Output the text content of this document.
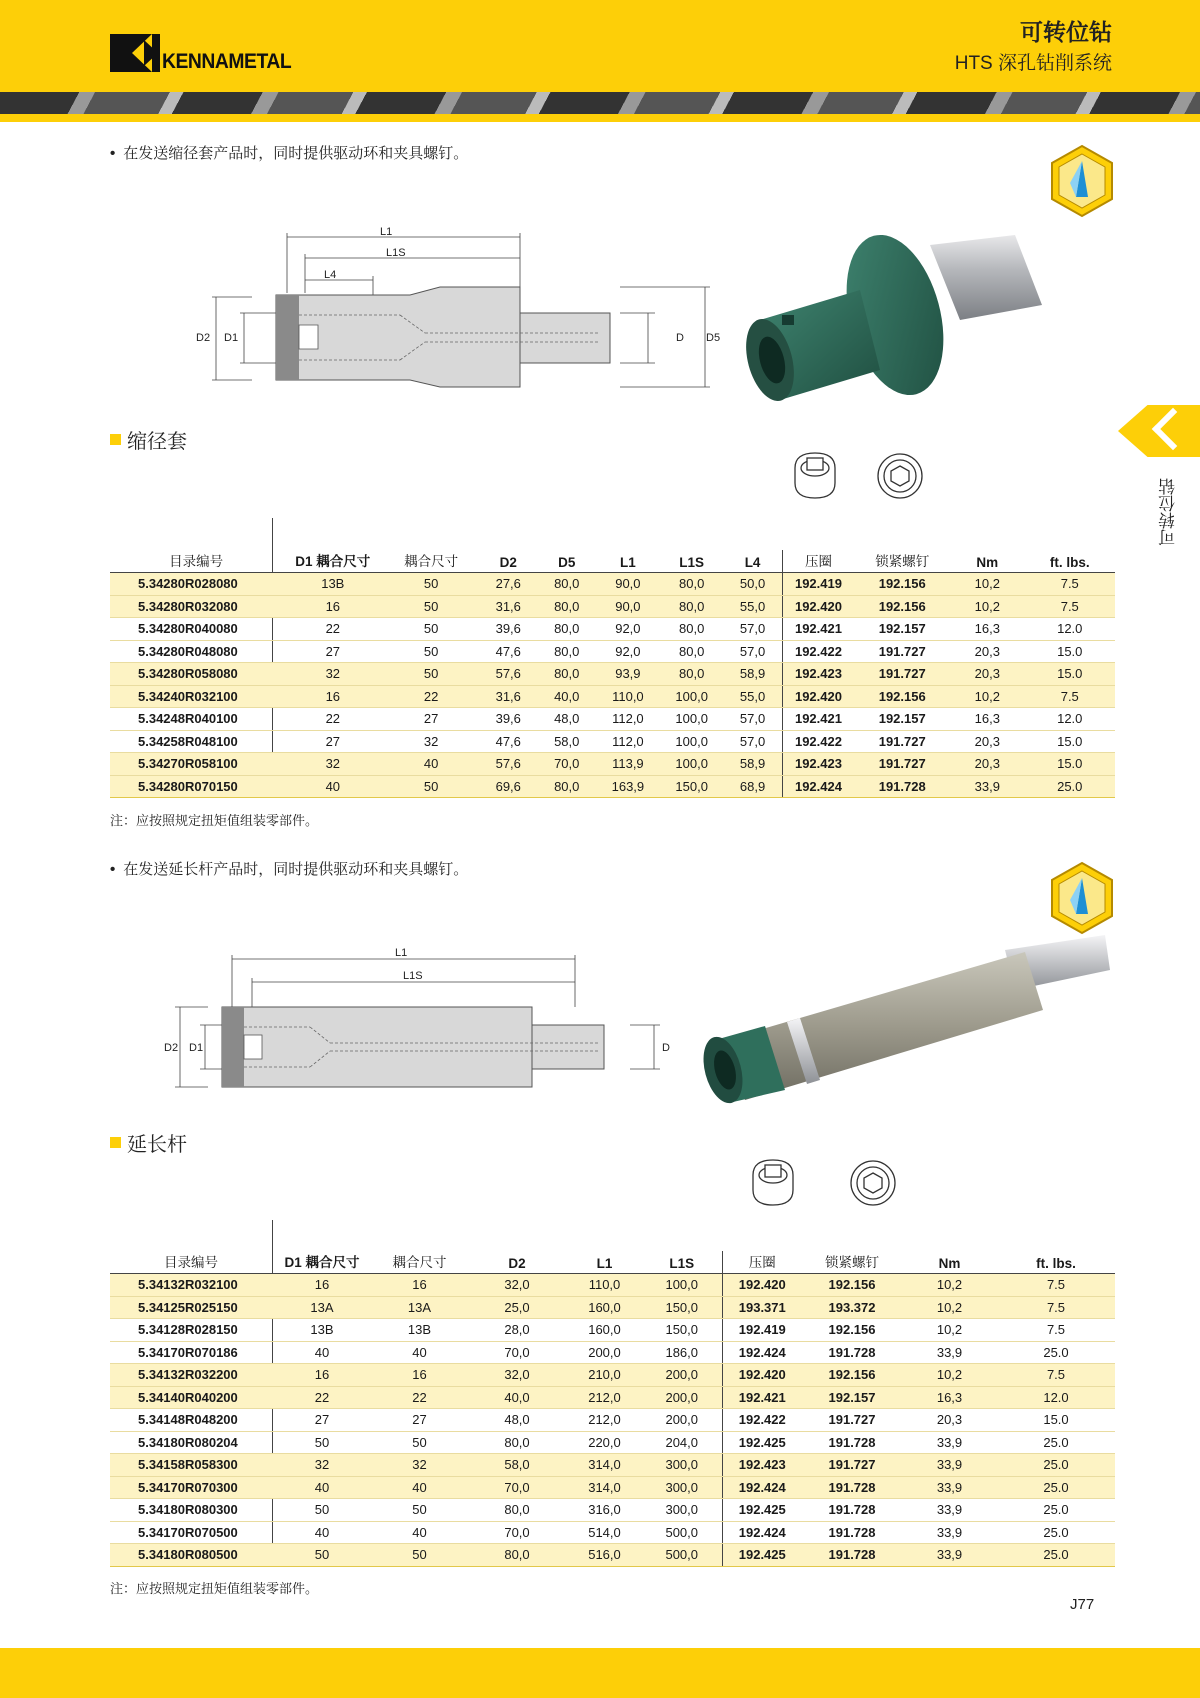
KENNAMETAL
可转位钻
HTS 深孔钻削系统
可转位钻
• 在发送缩径套产品时，同时提供驱动环和夹具螺钉。
L1
L1S
L4
D2 D1	D D5
缩径套
目录编号	D1 耦合尺寸	耦合尺寸	D2	D5	L1	L1S	L4	压圈	锁紧螺钉	Nm	ft. lbs.
5.34280R028080	13B	50	27,6	80,0	90,0	80,0	50,0	192.419	192.156	10,2	7.5
5.34280R032080	16	50	31,6	80,0	90,0	80,0	55,0	192.420	192.156	10,2	7.5
5.34280R040080	22	50	39,6	80,0	92,0	80,0	57,0	192.421	192.157	16,3	12.0
5.34280R048080	27	50	47,6	80,0	92,0	80,0	57,0	192.422	191.727	20,3	15.0
5.34280R058080	32	50	57,6	80,0	93,9	80,0	58,9	192.423	191.727	20,3	15.0
5.34240R032100	16	22	31,6	40,0	110,0	100,0	55,0	192.420	192.156	10,2	7.5
5.34248R040100	22	27	39,6	48,0	112,0	100,0	57,0	192.421	192.157	16,3	12.0
5.34258R048100	27	32	47,6	58,0	112,0	100,0	57,0	192.422	191.727	20,3	15.0
5.34270R058100	32	40	57,6	70,0	113,9	100,0	58,9	192.423	191.727	20,3	15.0
5.34280R070150	40	50	69,6	80,0	163,9	150,0	68,9	192.424	191.728	33,9	25.0
注：应按照规定扭矩值组装零部件。
• 在发送延长杆产品时，同时提供驱动环和夹具螺钉。
L1
L1S
D2 D1	D
延长杆
目录编号	D1 耦合尺寸	耦合尺寸	D2	L1	L1S	压圈	锁紧螺钉	Nm	ft. lbs.
5.34132R032100	16	16	32,0	110,0	100,0	192.420	192.156	10,2	7.5
5.34125R025150	13A	13A	25,0	160,0	150,0	193.371	193.372	10,2	7.5
5.34128R028150	13B	13B	28,0	160,0	150,0	192.419	192.156	10,2	7.5
5.34170R070186	40	40	70,0	200,0	186,0	192.424	191.728	33,9	25.0
5.34132R032200	16	16	32,0	210,0	200,0	192.420	192.156	10,2	7.5
5.34140R040200	22	22	40,0	212,0	200,0	192.421	192.157	16,3	12.0
5.34148R048200	27	27	48,0	212,0	200,0	192.422	191.727	20,3	15.0
5.34180R080204	50	50	80,0	220,0	204,0	192.425	191.728	33,9	25.0
5.34158R058300	32	32	58,0	314,0	300,0	192.423	191.727	33,9	25.0
5.34170R070300	40	40	70,0	314,0	300,0	192.424	191.728	33,9	25.0
5.34180R080300	50	50	80,0	316,0	300,0	192.425	191.728	33,9	25.0
5.34170R070500	40	40	70,0	514,0	500,0	192.424	191.728	33,9	25.0
5.34180R080500	50	50	80,0	516,0	500,0	192.425	191.728	33,9	25.0
注：应按照规定扭矩值组装零部件。
J77
